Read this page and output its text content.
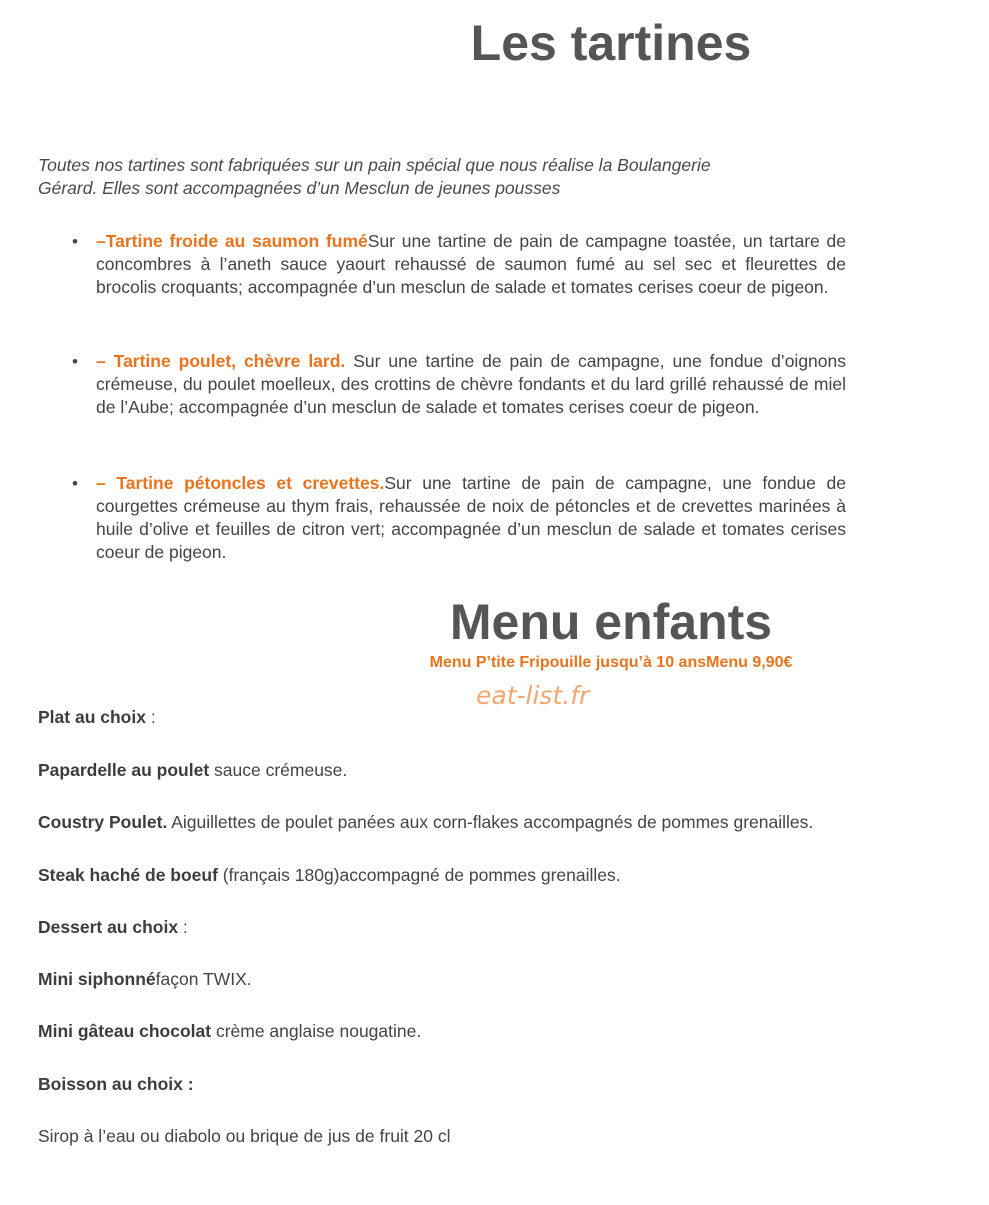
Les tartines
Toutes nos tartines sont fabriquées sur un pain spécial que nous réalise la Boulangerie
Gérard. Elles sont accompagnées d’un Mesclun de jeunes pousses
• –Tartine froide au saumon fuméSur une tartine de pain de campagne toastée, un tartare de concombres à l’aneth sauce yaourt rehaussé de saumon fumé au sel sec et fleurettes de brocolis croquants; accompagnée d’un mesclun de salade et tomates cerises coeur de pigeon.
• – Tartine poulet, chèvre lard. Sur une tartine de pain de campagne, une fondue d’oignons crémeuse, du poulet moelleux, des crottins de chèvre fondants et du lard grillé rehaussé de miel de l’Aube; accompagnée d’un mesclun de salade et tomates cerises coeur de pigeon.
• – Tartine pétoncles et crevettes.Sur une tartine de pain de campagne, une fondue de courgettes crémeuse au thym frais, rehaussée de noix de pétoncles et de crevettes marinées à huile d’olive et feuilles de citron vert; accompagnée d’un mesclun de salade et tomates cerises coeur de pigeon.
Menu enfants
Menu P’tite Fripouille jusqu’à 10 ansMenu 9,90€
eat-list.fr
Plat au choix :
Papardelle au poulet sauce crémeuse.
Coustry Poulet. Aiguillettes de poulet panées aux corn-flakes accompagnés de pommes grenailles.
Steak haché de boeuf (français 180g)accompagné de pommes grenailles.
Dessert au choix :
Mini siphonnéfaçon TWIX.
Mini gâteau chocolat crème anglaise nougatine.
Boisson au choix :
Sirop à l’eau ou diabolo ou brique de jus de fruit 20 cl
